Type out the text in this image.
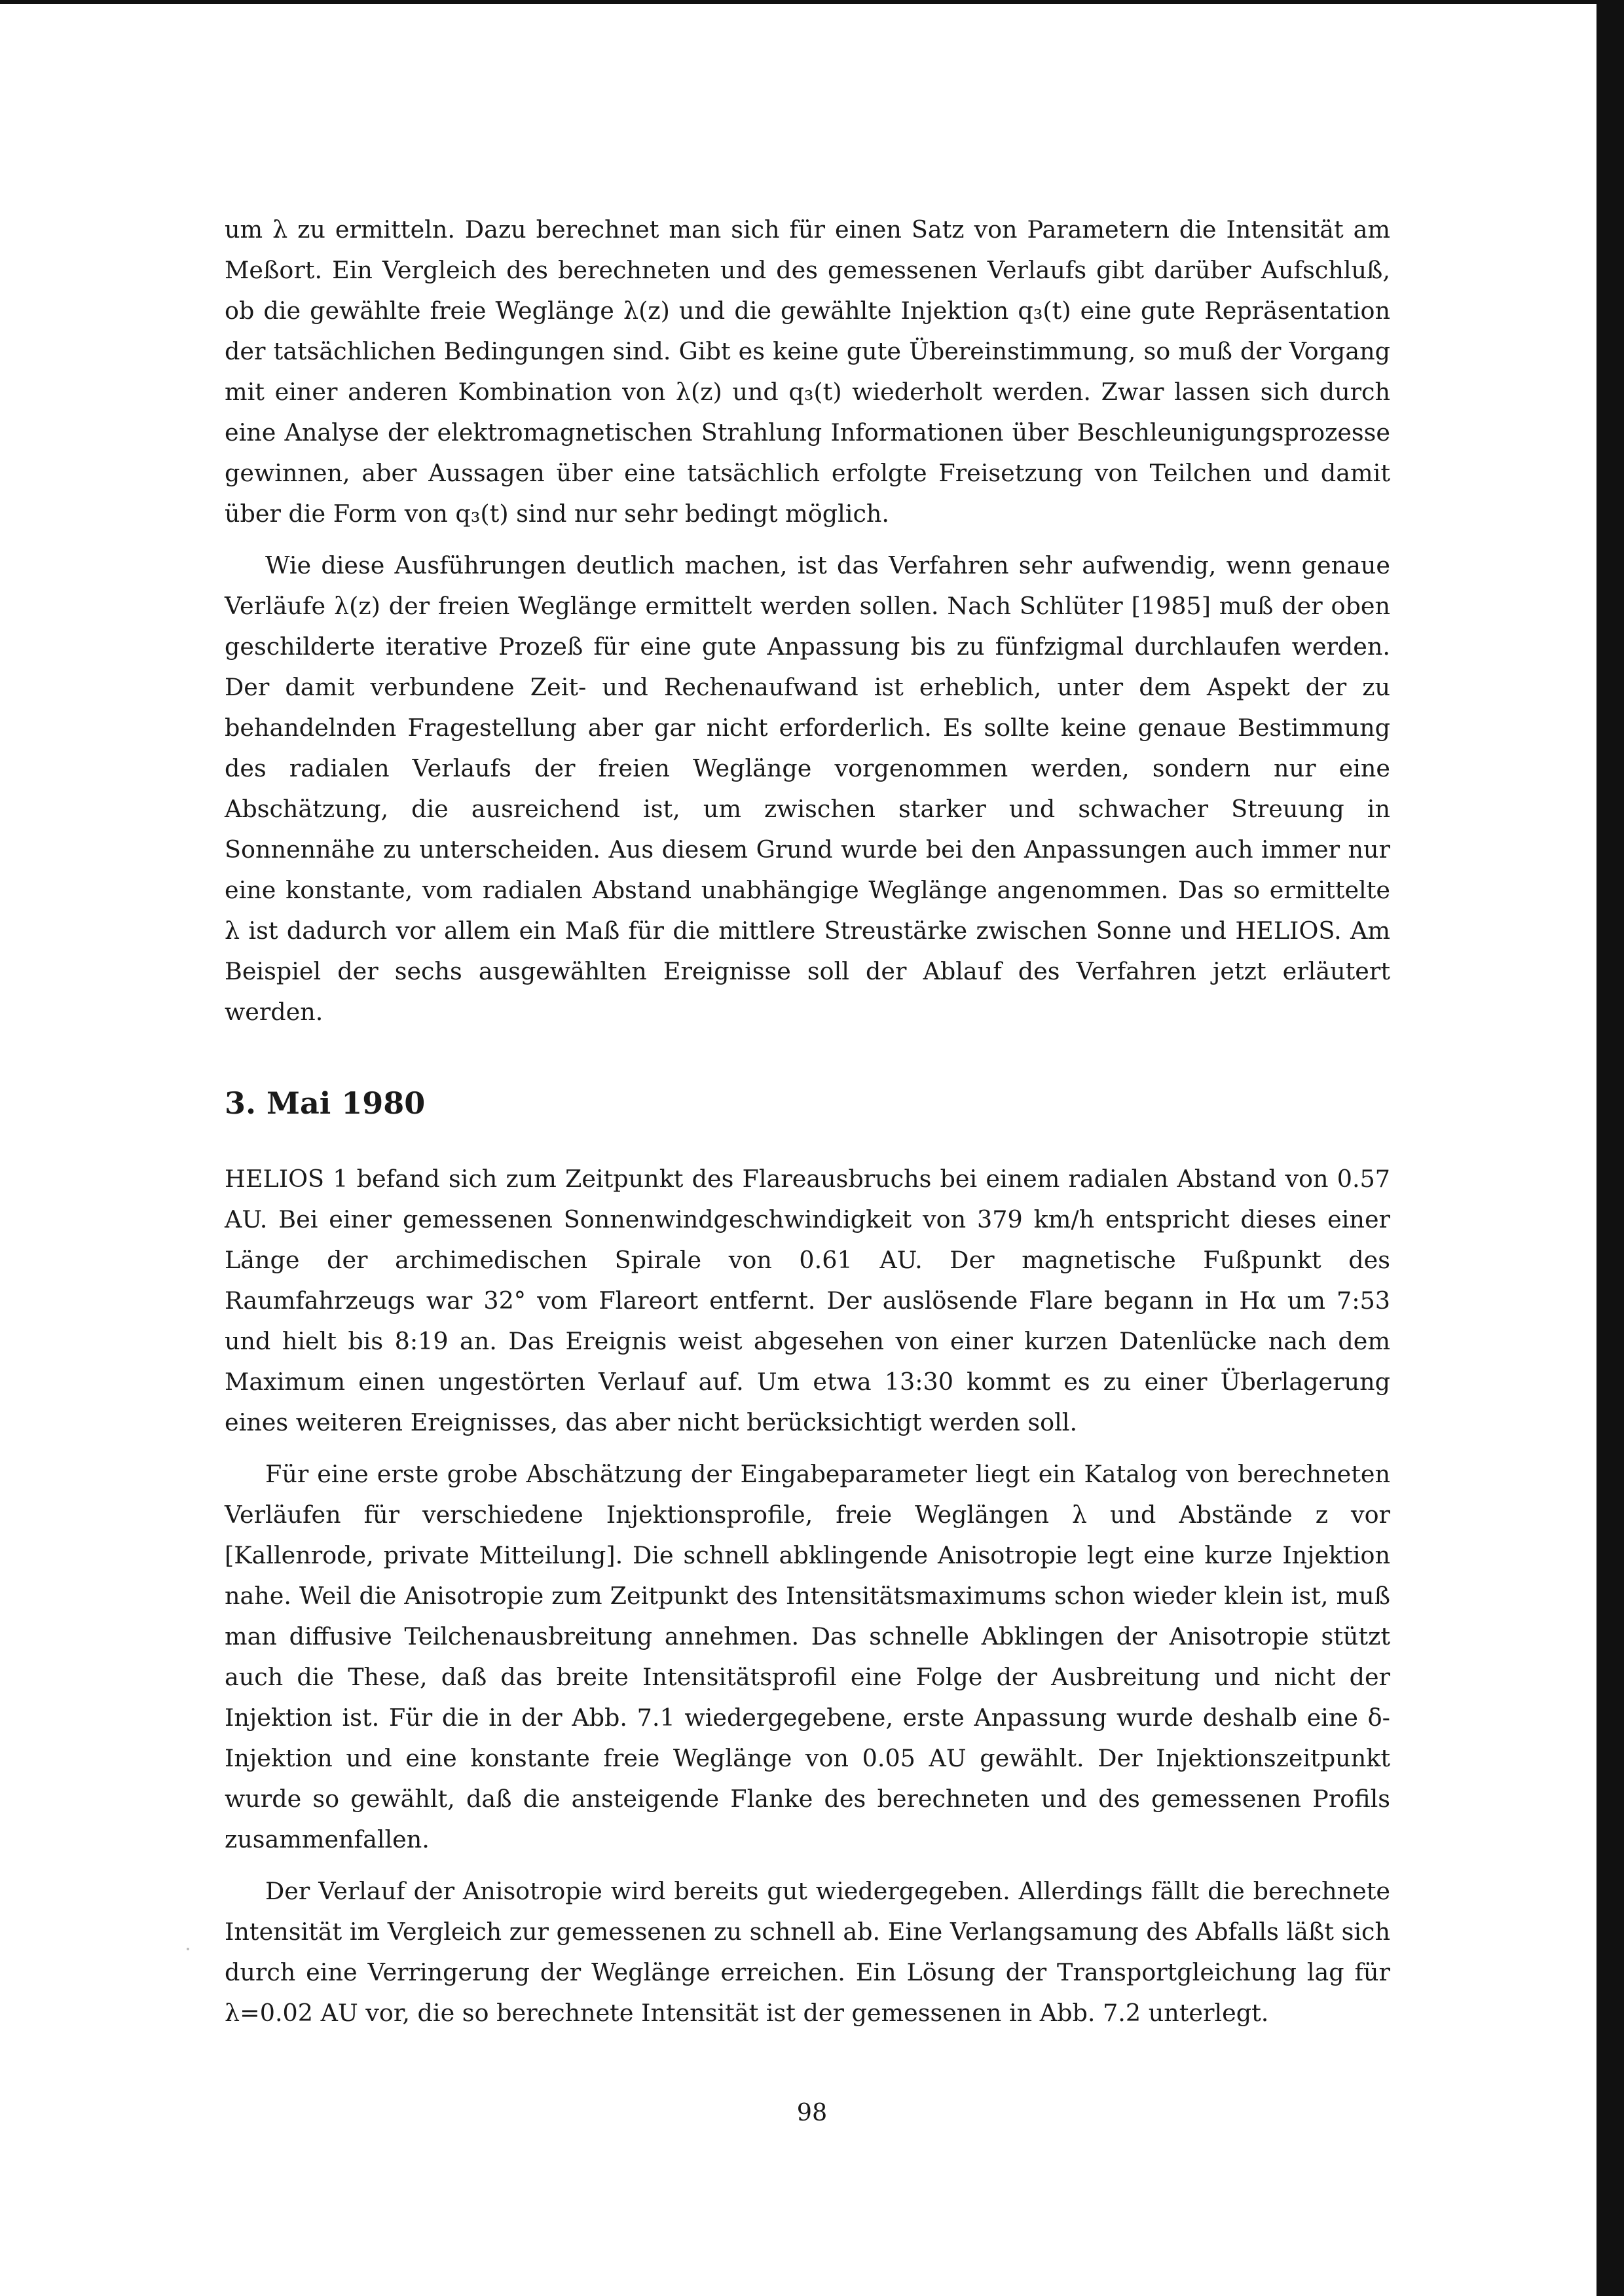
um λ zu ermitteln. Dazu berechnet man sich für einen Satz von Parametern die Intensität am Meßort. Ein Vergleich des berechneten und des gemessenen Verlaufs gibt darüber Aufschluß, ob die gewählte freie Weglänge λ(z) und die gewählte Injektion q₃(t) eine gute Repräsentation der tatsächlichen Bedingungen sind. Gibt es keine gute Übereinstimmung, so muß der Vorgang mit einer anderen Kombination von λ(z) und q₃(t) wiederholt werden. Zwar lassen sich durch eine Analyse der elektromagnetischen Strahlung Informationen über Beschleunigungsprozesse gewinnen, aber Aussagen über eine tatsächlich erfolgte Freisetzung von Teilchen und damit über die Form von q₃(t) sind nur sehr bedingt möglich.

Wie diese Ausführungen deutlich machen, ist das Verfahren sehr aufwendig, wenn genaue Verläufe λ(z) der freien Weglänge ermittelt werden sollen. Nach Schlüter [1985] muß der oben geschilderte iterative Prozeß für eine gute Anpassung bis zu fünfzigmal durchlaufen werden. Der damit verbundene Zeit- und Rechenaufwand ist erheblich, unter dem Aspekt der zu behandelnden Fragestellung aber gar nicht erforderlich. Es sollte keine genaue Bestimmung des radialen Verlaufs der freien Weglänge vorgenommen werden, sondern nur eine Abschätzung, die ausreichend ist, um zwischen starker und schwacher Streuung in Sonnennähe zu unterscheiden. Aus diesem Grund wurde bei den Anpassungen auch immer nur eine konstante, vom radialen Abstand unabhängige Weglänge angenommen. Das so ermittelte λ ist dadurch vor allem ein Maß für die mittlere Streustärke zwischen Sonne und HELIOS. Am Beispiel der sechs ausgewählten Ereignisse soll der Ablauf des Verfahren jetzt erläutert werden.

3. Mai 1980

HELIOS 1 befand sich zum Zeitpunkt des Flareausbruchs bei einem radialen Abstand von 0.57 AU. Bei einer gemessenen Sonnenwindgeschwindigkeit von 379 km/h entspricht dieses einer Länge der archimedischen Spirale von 0.61 AU. Der magnetische Fußpunkt des Raumfahrzeugs war 32° vom Flareort entfernt. Der auslösende Flare begann in Hα um 7:53 und hielt bis 8:19 an. Das Ereignis weist abgesehen von einer kurzen Datenlücke nach dem Maximum einen ungestörten Verlauf auf. Um etwa 13:30 kommt es zu einer Überlagerung eines weiteren Ereignisses, das aber nicht berücksichtigt werden soll.

Für eine erste grobe Abschätzung der Eingabeparameter liegt ein Katalog von berechneten Verläufen für verschiedene Injektionsprofile, freie Weglängen λ und Abstände z vor [Kallenrode, private Mitteilung]. Die schnell abklingende Anisotropie legt eine kurze Injektion nahe. Weil die Anisotropie zum Zeitpunkt des Intensitätsmaximums schon wieder klein ist, muß man diffusive Teilchenausbreitung annehmen. Das schnelle Abklingen der Anisotropie stützt auch die These, daß das breite Intensitätsprofil eine Folge der Ausbreitung und nicht der Injektion ist. Für die in der Abb. 7.1 wiedergegebene, erste Anpassung wurde deshalb eine δ-Injektion und eine konstante freie Weglänge von 0.05 AU gewählt. Der Injektionszeitpunkt wurde so gewählt, daß die ansteigende Flanke des berechneten und des gemessenen Profils zusammenfallen.

Der Verlauf der Anisotropie wird bereits gut wiedergegeben. Allerdings fällt die berechnete Intensität im Vergleich zur gemessenen zu schnell ab. Eine Verlangsamung des Abfalls läßt sich durch eine Verringerung der Weglänge erreichen. Ein Lösung der Transportgleichung lag für λ=0.02 AU vor, die so berechnete Intensität ist der gemessenen in Abb. 7.2 unterlegt.

98
